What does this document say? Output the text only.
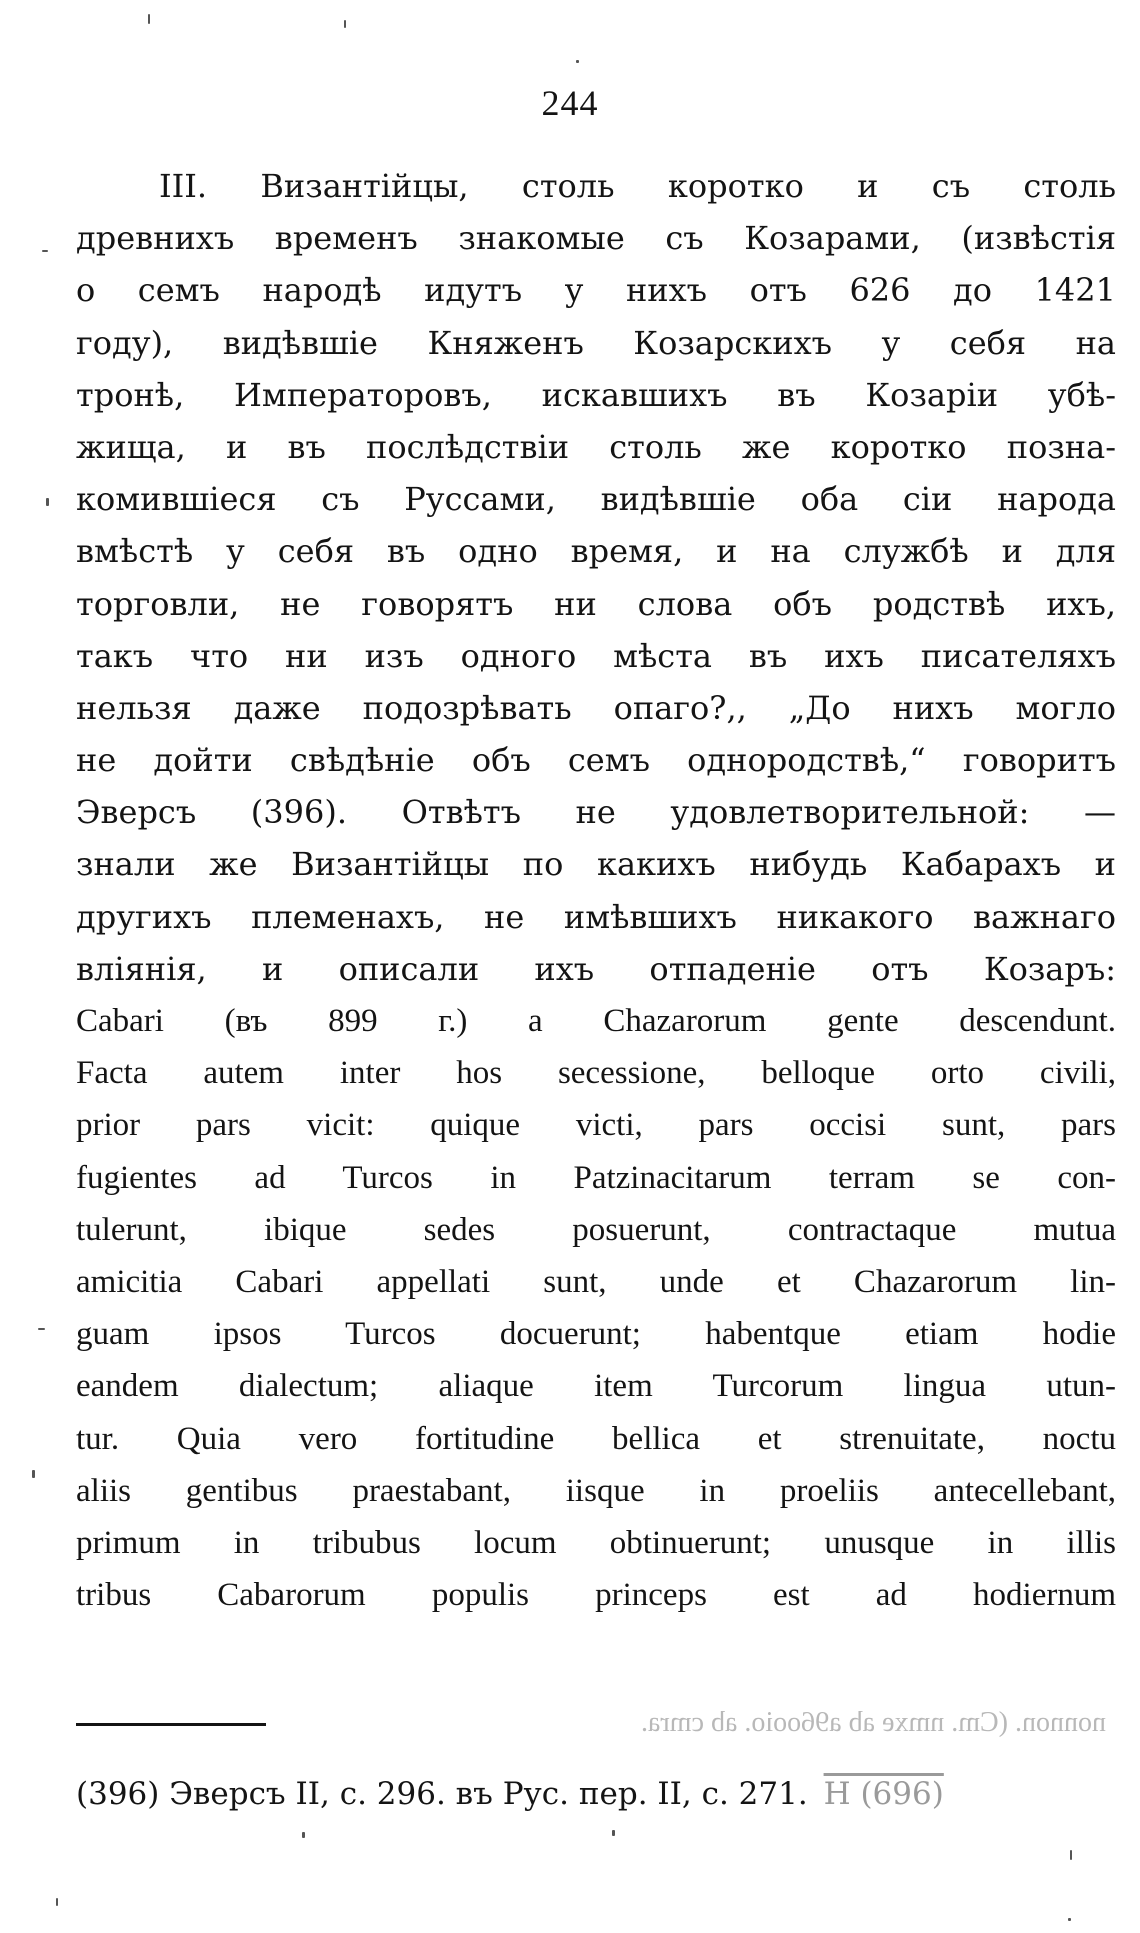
244
III. Византійцы, столь коротко и съ столь
древнихъ временъ знакомые съ Козарами, (извѣстія
о семъ народѣ идутъ у нихъ отъ 626 до 1421
году), видѣвшіе Княженъ Козарскихъ у себя на
тронѣ, Императоровъ, искавшихъ въ Козаріи убѣ-
жища, и въ послѣдствіи столь же коротко позна-
комившіеся съ Руссами, видѣвшіе оба сіи народа
вмѣстѣ у себя въ одно время, и на службѣ и для
торговли, не говорятъ ни слова объ родствѣ ихъ,
такъ что ни изъ одного мѣста въ ихъ писателяхъ
нельзя даже подозрѣвать опаго?,, „До нихъ могло
не дойти свѣдѣніе объ семъ однородствѣ,“ говоритъ
Эверсъ (396). Отвѣтъ не удовлетворительной: —
знали же Византійцы по какихъ нибудь Кабарахъ и
другихъ племенахъ, не имѣвшихъ никакого важнаго
вліянія, и описали ихъ отпаденіе отъ Козаръ:
Cabari (въ 899 г.) a Chazarorum gente descendunt.
Facta autem inter hos secessione, belloque orto civili,
prior pars vicit: quique victi, pars occisi sunt, pars
fugientes ad Turcos in Patzinacitarum terram se con-
tulerunt, ibique sedes posuerunt, contractaque mutua
amicitia Cabari appellati sunt, unde et Chazarorum lin-
guam ipsos Turcos docuerunt; habentque etiam hodie
eandem dialectum; aliaque item Turcorum lingua utun-
tur. Quia vero fortitudine bellica et strenuitate, noctu
aliis gentibus praestabant, iisque in proeliis antecellebant,
primum in tribubus locum obtinuerunt; unusque in illis
tribus Cabarorum populis princeps est ad hodiernum
nonnon. (Cm. nmxe ab a96ooio. ab cmra.
(396) Эверсъ II, с. 296. въ Рус. пер. II, с. 271. H (696)
